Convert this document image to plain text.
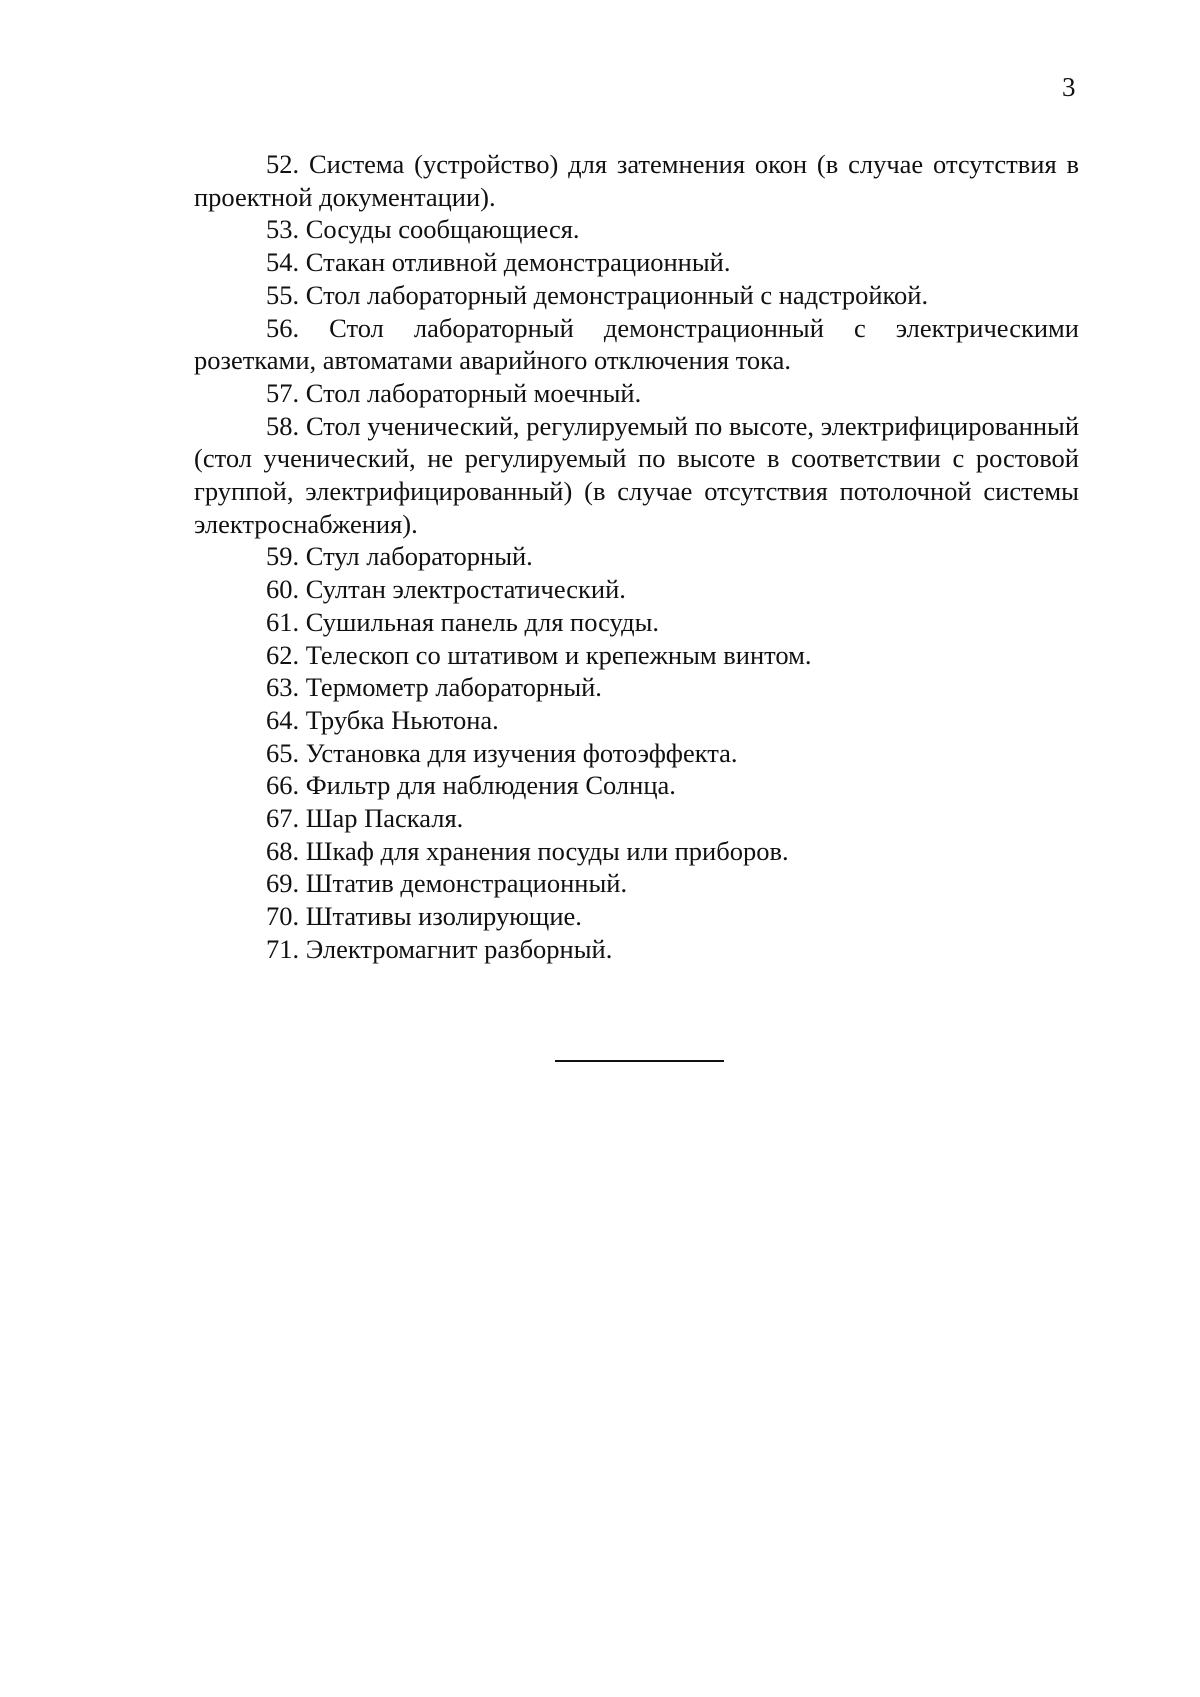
3

52. Система (устройство) для затемнения окон (в случае отсутствия в проектной документации).

53. Сосуды сообщающиеся.

54. Стакан отливной демонстрационный.

55. Стол лабораторный демонстрационный с надстройкой.

56. Стол лабораторный демонстрационный с электрическими розетками, автоматами аварийного отключения тока.

57. Стол лабораторный моечный.

58. Стол ученический, регулируемый по высоте, электрифицированный (стол ученический, не регулируемый по высоте в соответствии с ростовой группой, электрифицированный) (в случае отсутствия потолочной системы электроснабжения).

59. Стул лабораторный.

60. Султан электростатический.

61. Сушильная панель для посуды.

62. Телескоп со штативом и крепежным винтом.

63. Термометр лабораторный.

64. Трубка Ньютона.

65. Установка для изучения фотоэффекта.

66. Фильтр для наблюдения Солнца.

67. Шар Паскаля.

68. Шкаф для хранения посуды или приборов.

69. Штатив демонстрационный.

70. Штативы изолирующие.

71. Электромагнит разборный.
